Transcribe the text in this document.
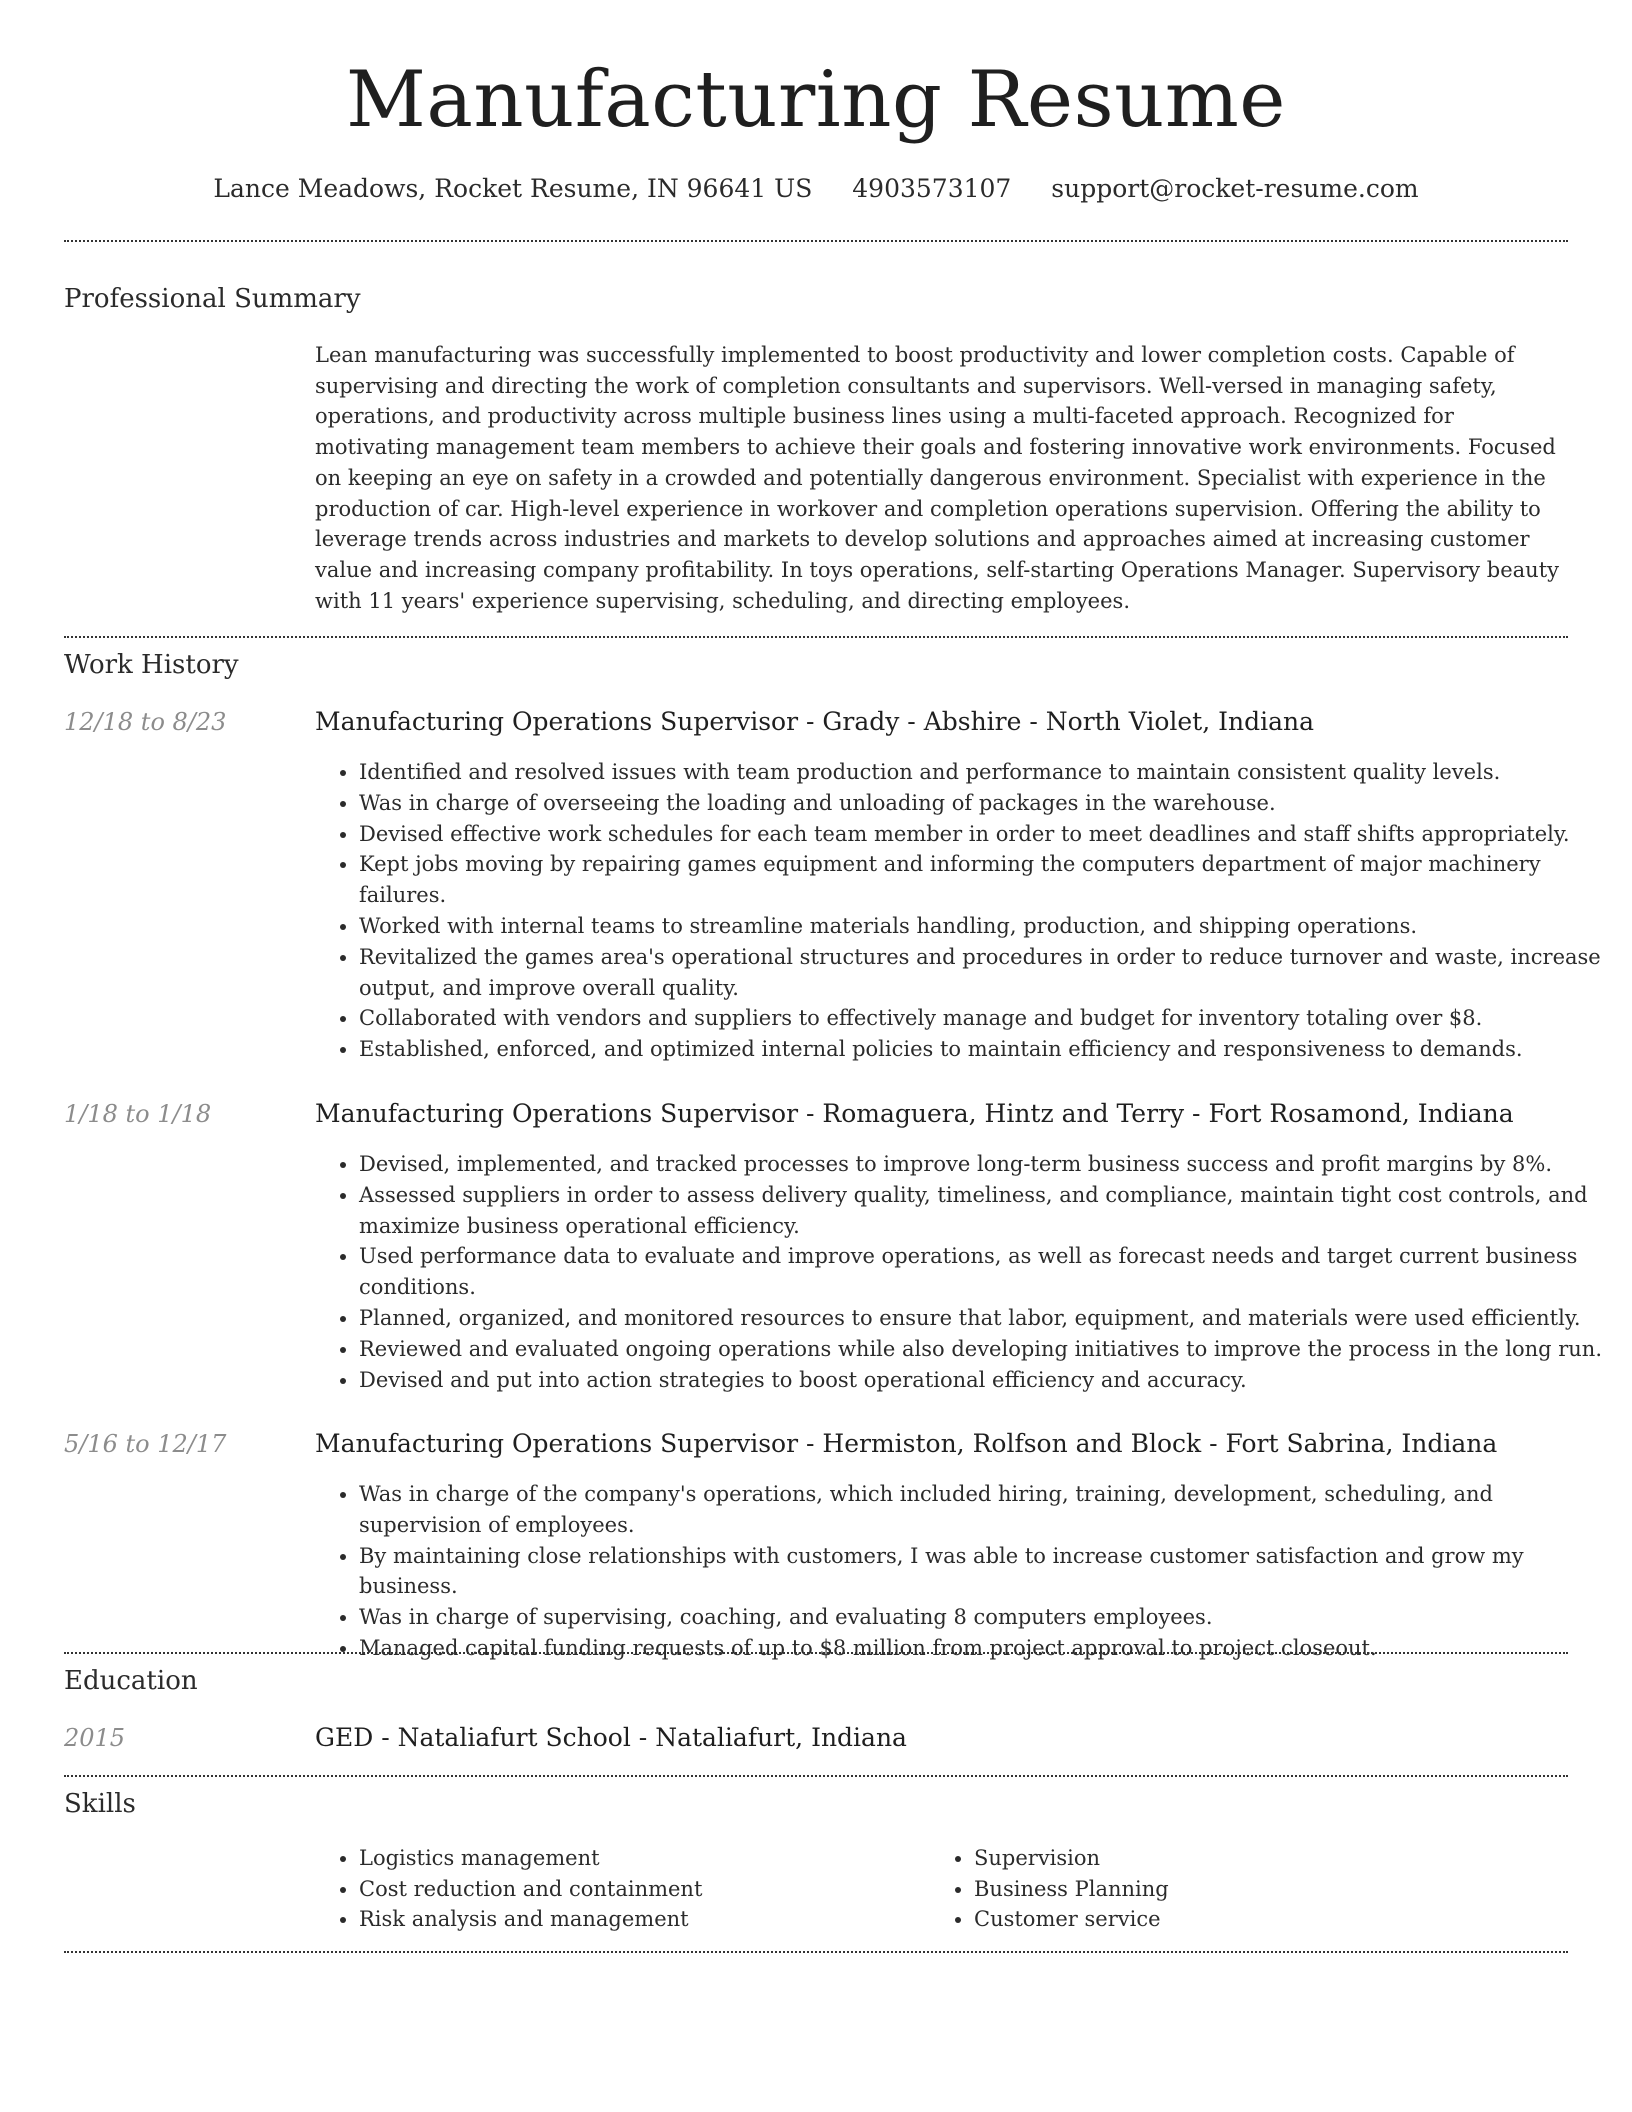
Manufacturing Resume
Lance Meadows, Rocket Resume, IN 96641 US 4903573107 support@rocket-resume.com
Professional Summary

Lean manufacturing was successfully implemented to boost productivity and lower completion costs. Capable of supervising and directing the work of completion consultants and supervisors. Well-versed in managing safety, operations, and productivity across multiple business lines using a multi-faceted approach. Recognized for motivating management team members to achieve their goals and fostering innovative work environments. Focused on keeping an eye on safety in a crowded and potentially dangerous environment. Specialist with experience in the production of car. High-level experience in workover and completion operations supervision. Offering the ability to leverage trends across industries and markets to develop solutions and approaches aimed at increasing customer value and increasing company profitability. In toys operations, self-starting Operations Manager. Supervisory beauty with 11 years' experience supervising, scheduling, and directing employees.

Work History
12/18 to 8/23	Manufacturing Operations Supervisor - Grady - Abshire - North Violet, Indiana
• Identified and resolved issues with team production and performance to maintain consistent quality levels.
• Was in charge of overseeing the loading and unloading of packages in the warehouse.
• Devised effective work schedules for each team member in order to meet deadlines and staff shifts appropriately.
• Kept jobs moving by repairing games equipment and informing the computers department of major machinery failures.
• Worked with internal teams to streamline materials handling, production, and shipping operations.
• Revitalized the games area's operational structures and procedures in order to reduce turnover and waste, increase output, and improve overall quality.
• Collaborated with vendors and suppliers to effectively manage and budget for inventory totaling over $8.
• Established, enforced, and optimized internal policies to maintain efficiency and responsiveness to demands.
1/18 to 1/18	Manufacturing Operations Supervisor - Romaguera, Hintz and Terry - Fort Rosamond, Indiana
• Devised, implemented, and tracked processes to improve long-term business success and profit margins by 8%.
• Assessed suppliers in order to assess delivery quality, timeliness, and compliance, maintain tight cost controls, and maximize business operational efficiency.
• Used performance data to evaluate and improve operations, as well as forecast needs and target current business conditions.
• Planned, organized, and monitored resources to ensure that labor, equipment, and materials were used efficiently.
• Reviewed and evaluated ongoing operations while also developing initiatives to improve the process in the long run.
• Devised and put into action strategies to boost operational efficiency and accuracy.
5/16 to 12/17	Manufacturing Operations Supervisor - Hermiston, Rolfson and Block - Fort Sabrina, Indiana
• Was in charge of the company's operations, which included hiring, training, development, scheduling, and supervision of employees.
• By maintaining close relationships with customers, I was able to increase customer satisfaction and grow my business.
• Was in charge of supervising, coaching, and evaluating 8 computers employees.
• Managed capital funding requests of up to $8 million from project approval to project closeout.
Education
2015	GED - Nataliafurt School - Nataliafurt, Indiana
Skills
• Logistics management
• Cost reduction and containment
• Risk analysis and management
• Supervision
• Business Planning
• Customer service
